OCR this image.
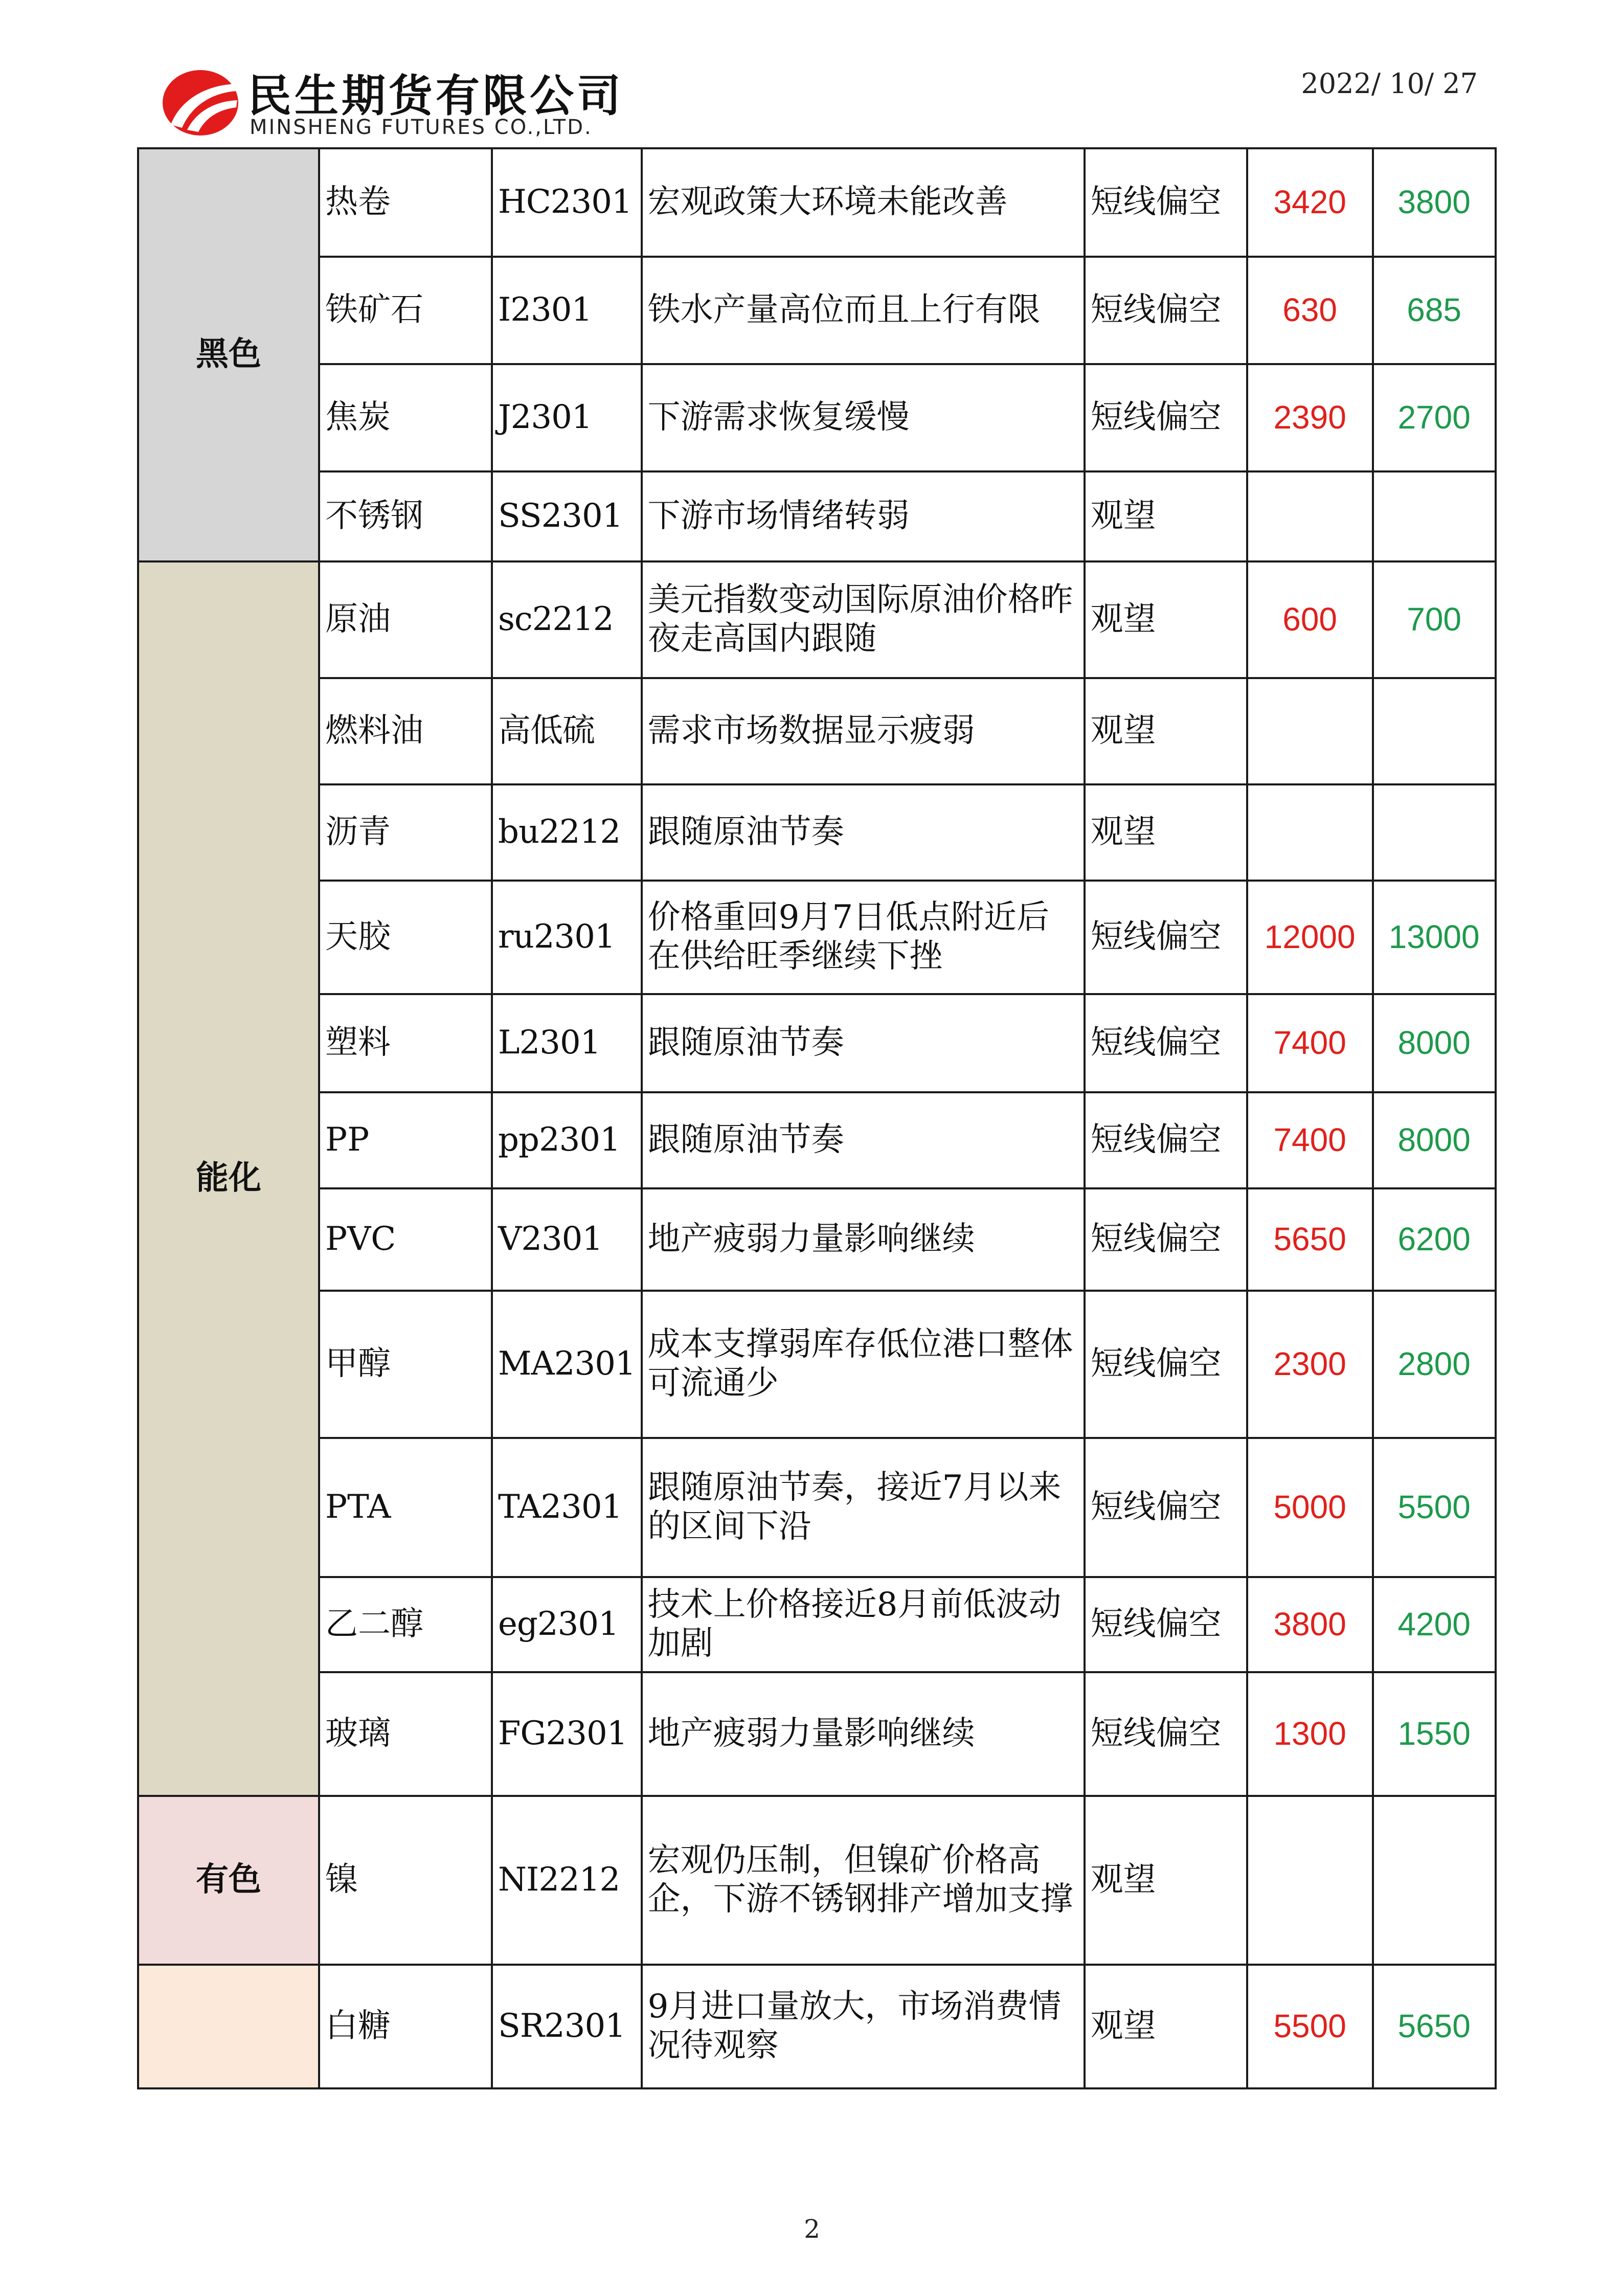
民生期货有限公司
MINSHENG FUTURES CO.,LTD.
2022/ 10/ 27
黑色	热卷	HC2301	宏观政策大环境未能改善	短线偏空	3420	3800
	铁矿石	I2301	铁水产量高位而且上行有限	短线偏空	630	685
	焦炭	J2301	下游需求恢复缓慢	短线偏空	2390	2700
	不锈钢	SS2301	下游市场情绪转弱	观望		
能化	原油	sc2212	美元指数变动国际原油价格昨夜走高国内跟随	观望	600	700
	燃料油	高低硫	需求市场数据显示疲弱	观望		
	沥青	bu2212	跟随原油节奏	观望		
	天胶	ru2301	价格重回9月7日低点附近后在供给旺季继续下挫	短线偏空	12000	13000
	塑料	L2301	跟随原油节奏	短线偏空	7400	8000
	PP	pp2301	跟随原油节奏	短线偏空	7400	8000
	PVC	V2301	地产疲弱力量影响继续	短线偏空	5650	6200
	甲醇	MA2301	成本支撑弱库存低位港口整体可流通少	短线偏空	2300	2800
	PTA	TA2301	跟随原油节奏，接近7月以来的区间下沿	短线偏空	5000	5500
	乙二醇	eg2301	技术上价格接近8月前低波动加剧	短线偏空	3800	4200
	玻璃	FG2301	地产疲弱力量影响继续	短线偏空	1300	1550
有色	镍	NI2212	宏观仍压制，但镍矿价格高企，下游不锈钢排产增加支撑	观望		
	白糖	SR2301	9月进口量放大，市场消费情况待观察	观望	5500	5650
2
